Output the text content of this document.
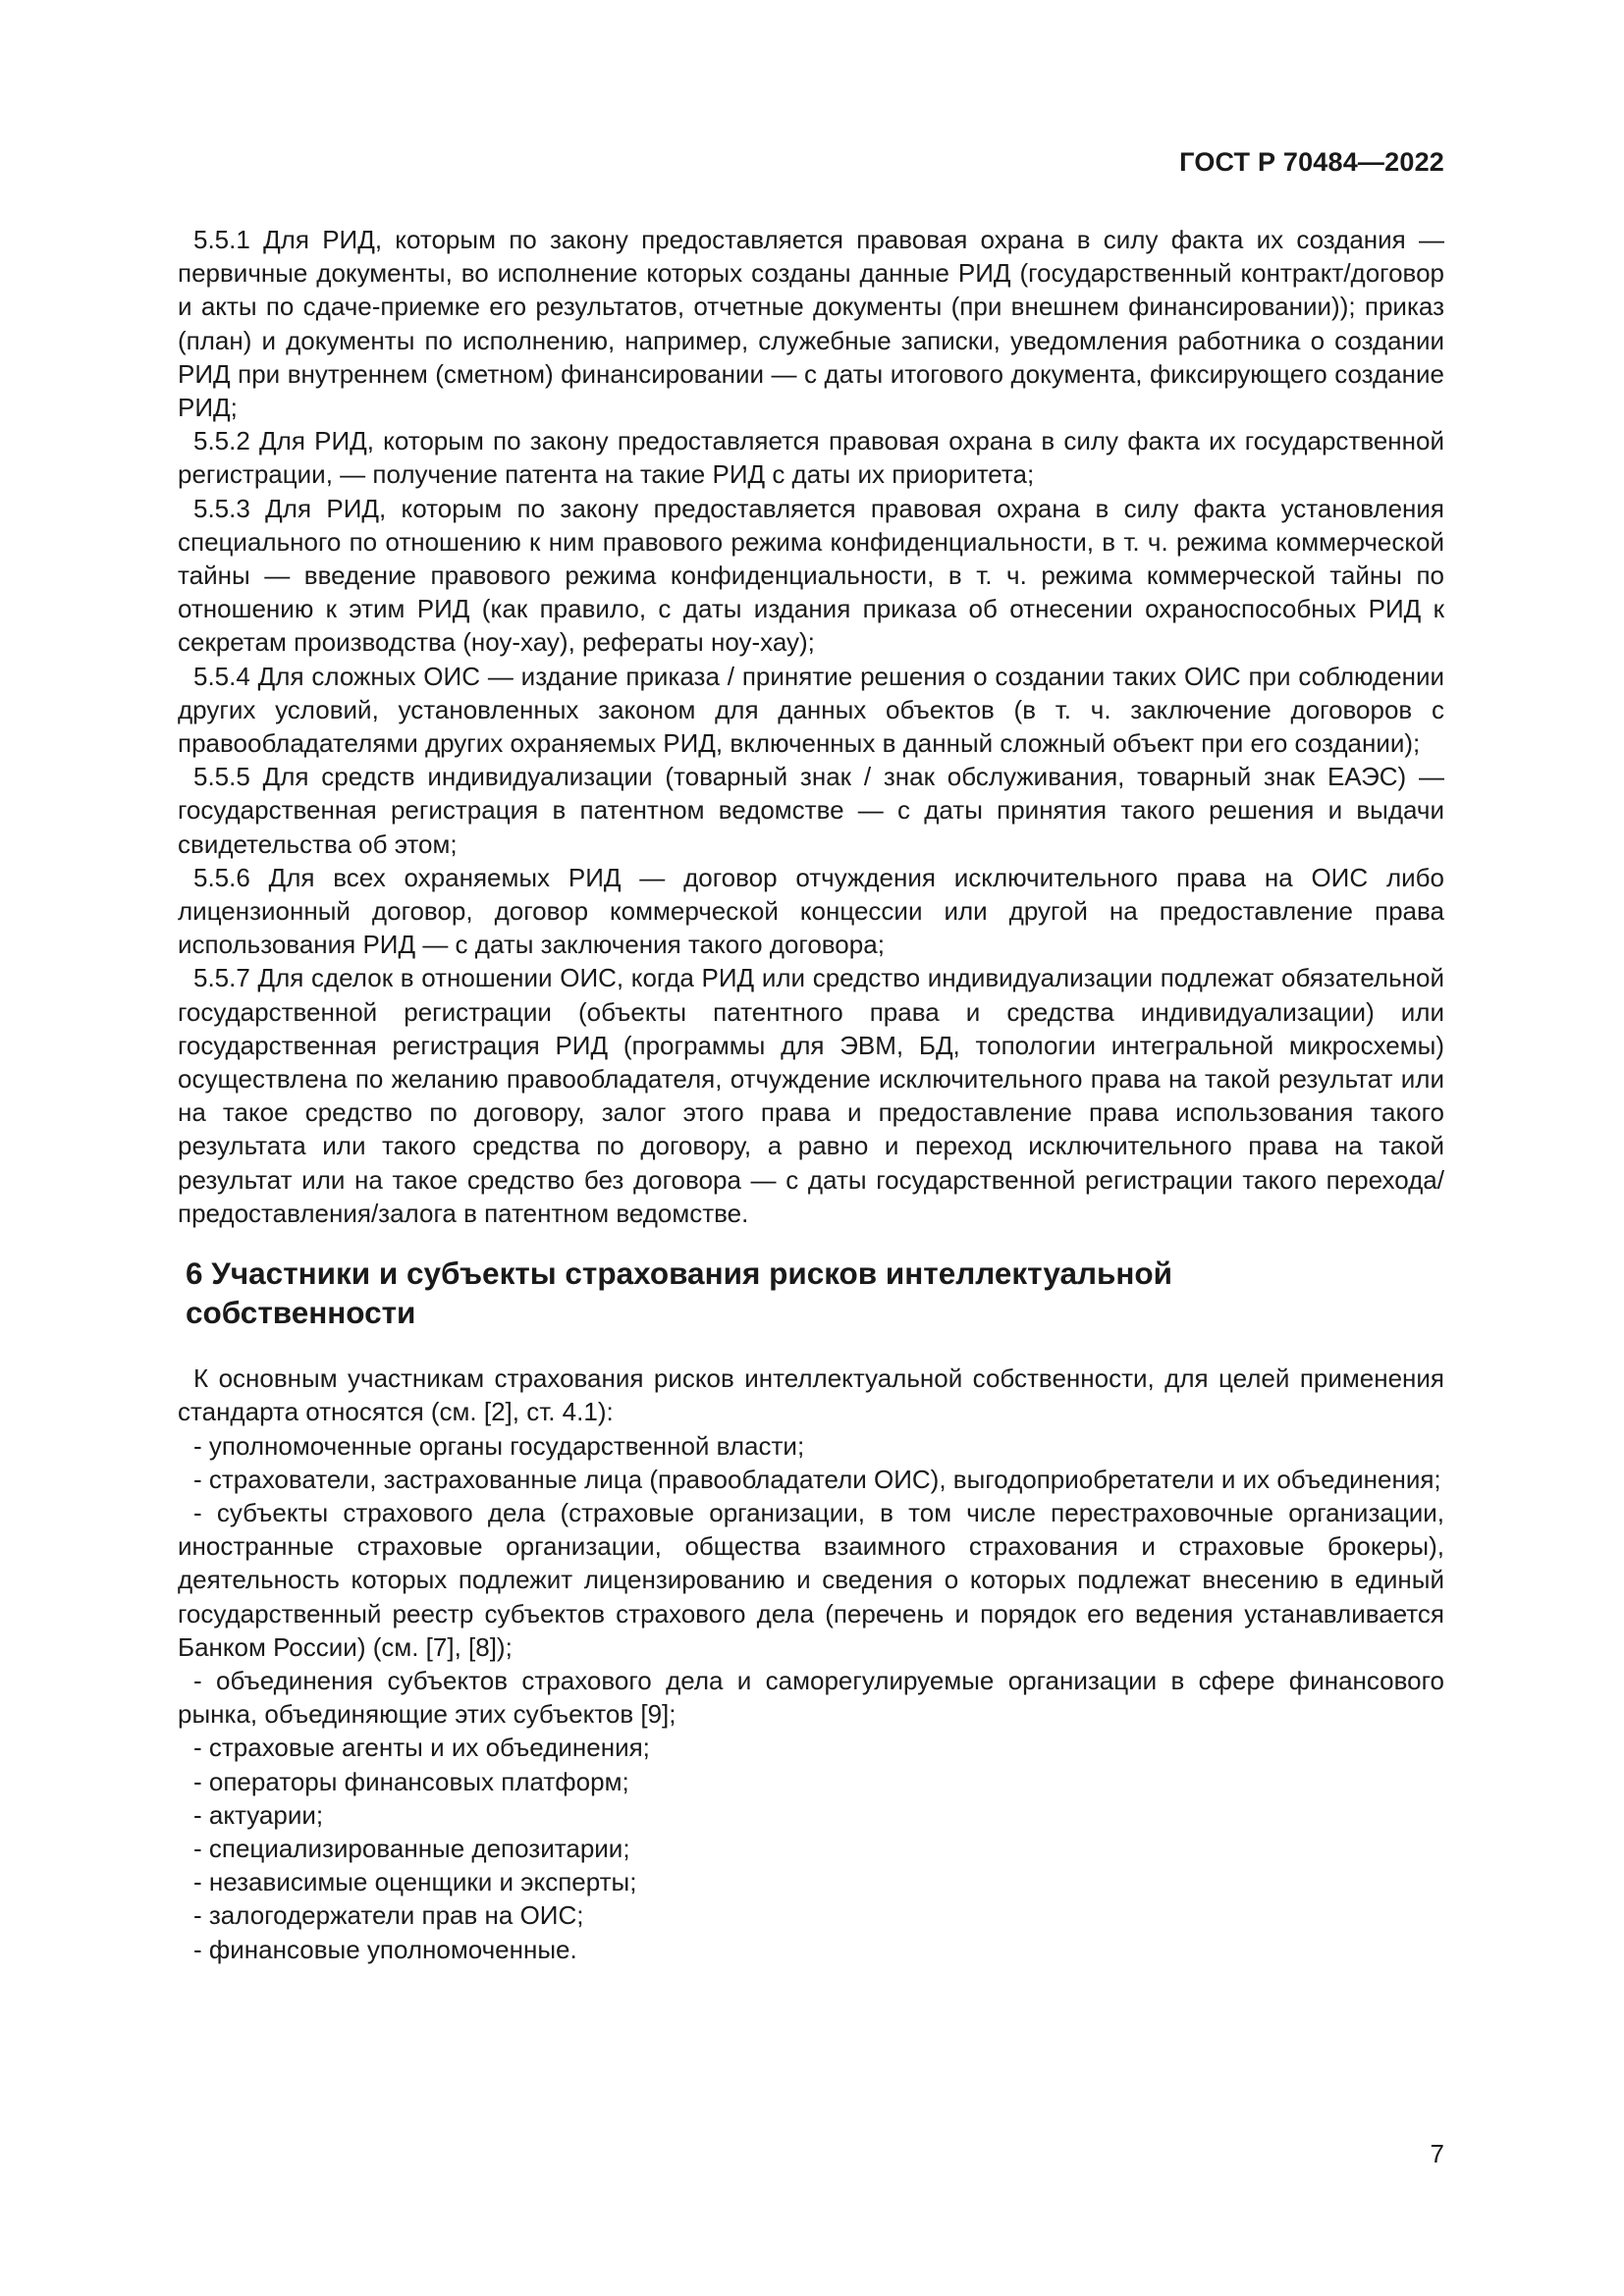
ГОСТ Р 70484—2022

5.5.1 Для РИД, которым по закону предоставляется правовая охрана в силу факта их создания — первичные документы, во исполнение которых созданы данные РИД (государственный контракт/договор и акты по сдаче-приемке его результатов, отчетные документы (при внешнем финансировании)); приказ (план) и документы по исполнению, например, служебные записки, уведомления работника о создании РИД при внутреннем (сметном) финансировании — с даты итогового документа, фиксирующего создание РИД;

5.5.2 Для РИД, которым по закону предоставляется правовая охрана в силу факта их государственной регистрации, — получение патента на такие РИД с даты их приоритета;

5.5.3 Для РИД, которым по закону предоставляется правовая охрана в силу факта установления специального по отношению к ним правового режима конфиденциальности, в т. ч. режима коммерческой тайны — введение правового режима конфиденциальности, в т. ч. режима коммерческой тайны по отношению к этим РИД (как правило, с даты издания приказа об отнесении охраноспособных РИД к секретам производства (ноу-хау), рефераты ноу-хау);

5.5.4 Для сложных ОИС — издание приказа / принятие решения о создании таких ОИС при соблюдении других условий, установленных законом для данных объектов (в т. ч. заключение договоров с правообладателями других охраняемых РИД, включенных в данный сложный объект при его создании);

5.5.5 Для средств индивидуализации (товарный знак / знак обслуживания, товарный знак ЕАЭС) — государственная регистрация в патентном ведомстве — с даты принятия такого решения и выдачи свидетельства об этом;

5.5.6 Для всех охраняемых РИД — договор отчуждения исключительного права на ОИС либо лицензионный договор, договор коммерческой концессии или другой на предоставление права использования РИД — с даты заключения такого договора;

5.5.7 Для сделок в отношении ОИС, когда РИД или средство индивидуализации подлежат обязательной государственной регистрации (объекты патентного права и средства индивидуализации) или государственная регистрация РИД (программы для ЭВМ, БД, топологии интегральной микросхемы) осуществлена по желанию правообладателя, отчуждение исключительного права на такой результат или на такое средство по договору, залог этого права и предоставление права использования такого результата или такого средства по договору, а равно и переход исключительного права на такой результат или на такое средство без договора — с даты государственной регистрации такого перехода/предоставления/залога в патентном ведомстве.

6 Участники и субъекты страхования рисков интеллектуальной собственности

К основным участникам страхования рисков интеллектуальной собственности, для целей применения стандарта относятся (см. [2], ст. 4.1):

- уполномоченные органы государственной власти;

- страхователи, застрахованные лица (правообладатели ОИС), выгодоприобретатели и их объединения;

- субъекты страхового дела (страховые организации, в том числе перестраховочные организации, иностранные страховые организации, общества взаимного страхования и страховые брокеры), деятельность которых подлежит лицензированию и сведения о которых подлежат внесению в единый государственный реестр субъектов страхового дела (перечень и порядок его ведения устанавливается Банком России) (см. [7], [8]);

- объединения субъектов страхового дела и саморегулируемые организации в сфере финансового рынка, объединяющие этих субъектов [9];

- страховые агенты и их объединения;

- операторы финансовых платформ;

- актуарии;

- специализированные депозитарии;

- независимые оценщики и эксперты;

- залогодержатели прав на ОИС;

- финансовые уполномоченные.

7
